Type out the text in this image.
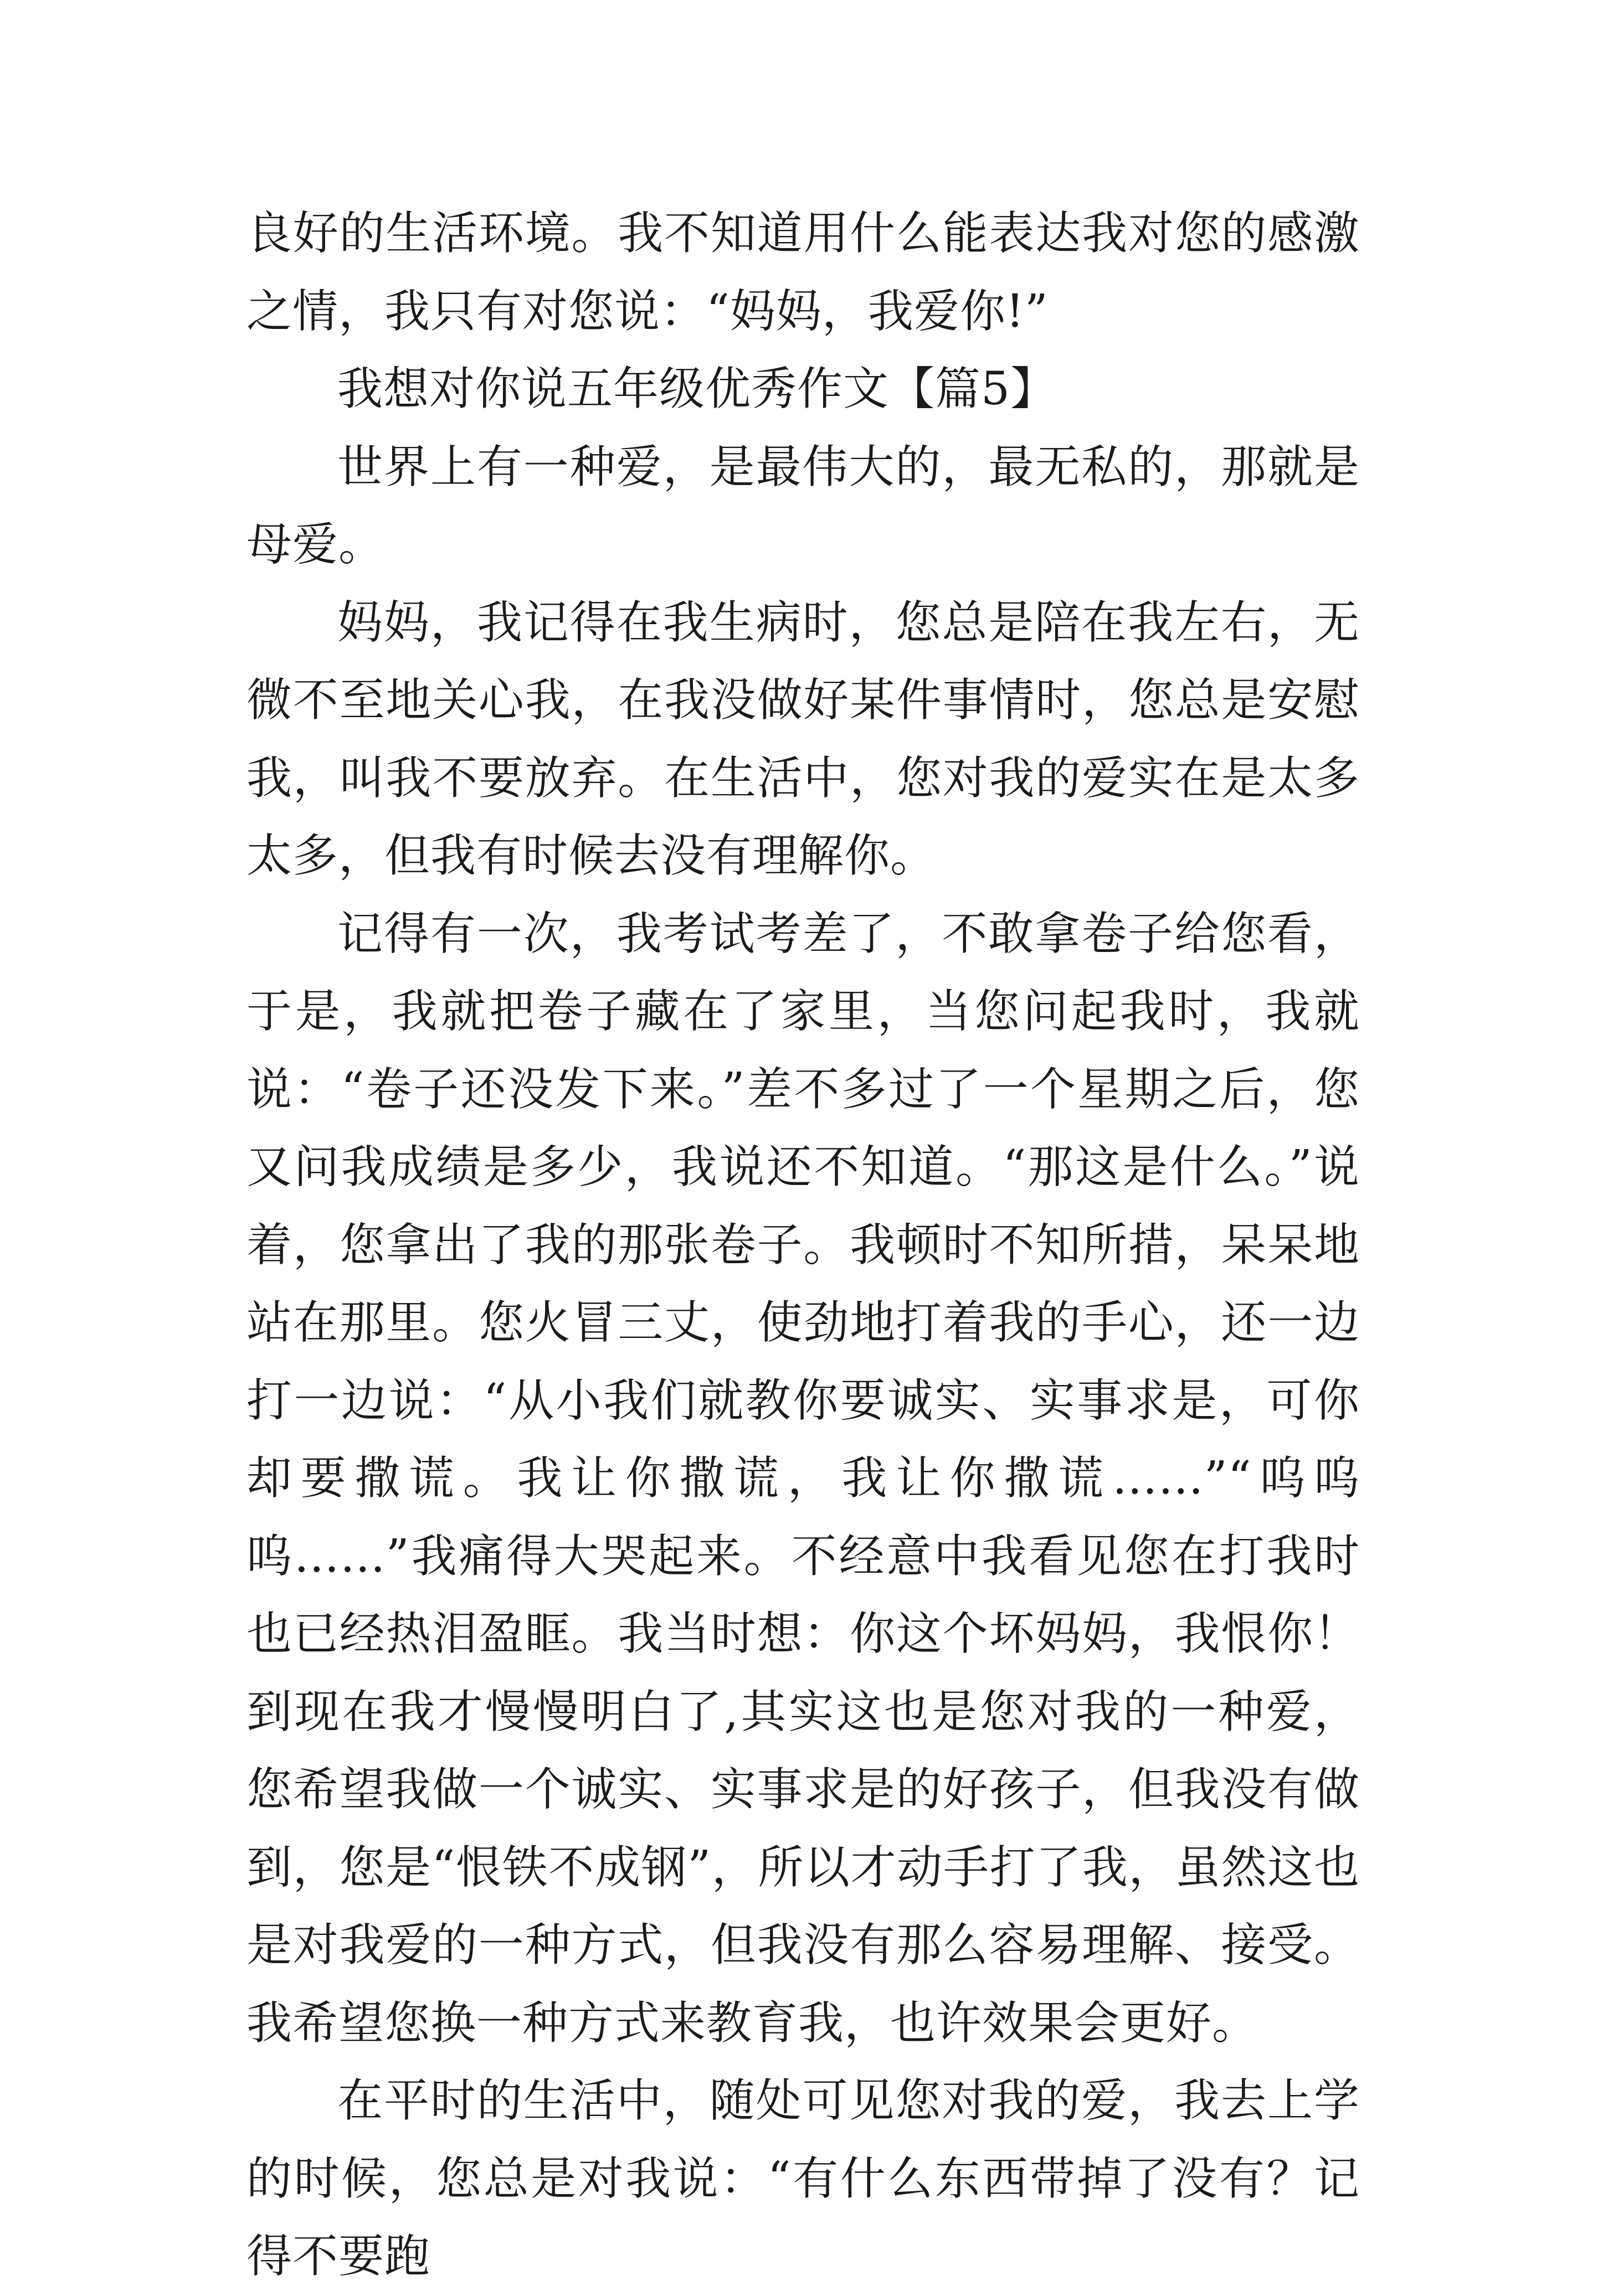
良好的生活环境。我不知道用什么能表达我对您的感激之情，我只有对您说：“妈妈，我爱你!”

我想对你说五年级优秀作文【篇5】

世界上有一种爱，是最伟大的，最无私的，那就是母爱。

妈妈，我记得在我生病时，您总是陪在我左右，无微不至地关心我，在我没做好某件事情时，您总是安慰我，叫我不要放弃。在生活中，您对我的爱实在是太多太多，但我有时候去没有理解你。

记得有一次，我考试考差了，不敢拿卷子给您看，于是，我就把卷子藏在了家里，当您问起我时，我就说：“卷子还没发下来。”差不多过了一个星期之后，您又问我成绩是多少，我说还不知道。“那这是什么。”说着，您拿出了我的那张卷子。我顿时不知所措，呆呆地站在那里。您火冒三丈，使劲地打着我的手心，还一边打一边说：“从小我们就教你要诚实、实事求是，可你却要撒谎。我让你撒谎，我让你撒谎……”“呜呜呜……”我痛得大哭起来。不经意中我看见您在打我时也已经热泪盈眶。我当时想：你这个坏妈妈，我恨你！到现在我才慢慢明白了,其实这也是您对我的一种爱，您希望我做一个诚实、实事求是的好孩子，但我没有做到，您是“恨铁不成钢”，所以才动手打了我，虽然这也是对我爱的一种方式，但我没有那么容易理解、接受。我希望您换一种方式来教育我，也许效果会更好。

在平时的生活中，随处可见您对我的爱，我去上学的时候，您总是对我说：“有什么东西带掉了没有？记得不要跑
